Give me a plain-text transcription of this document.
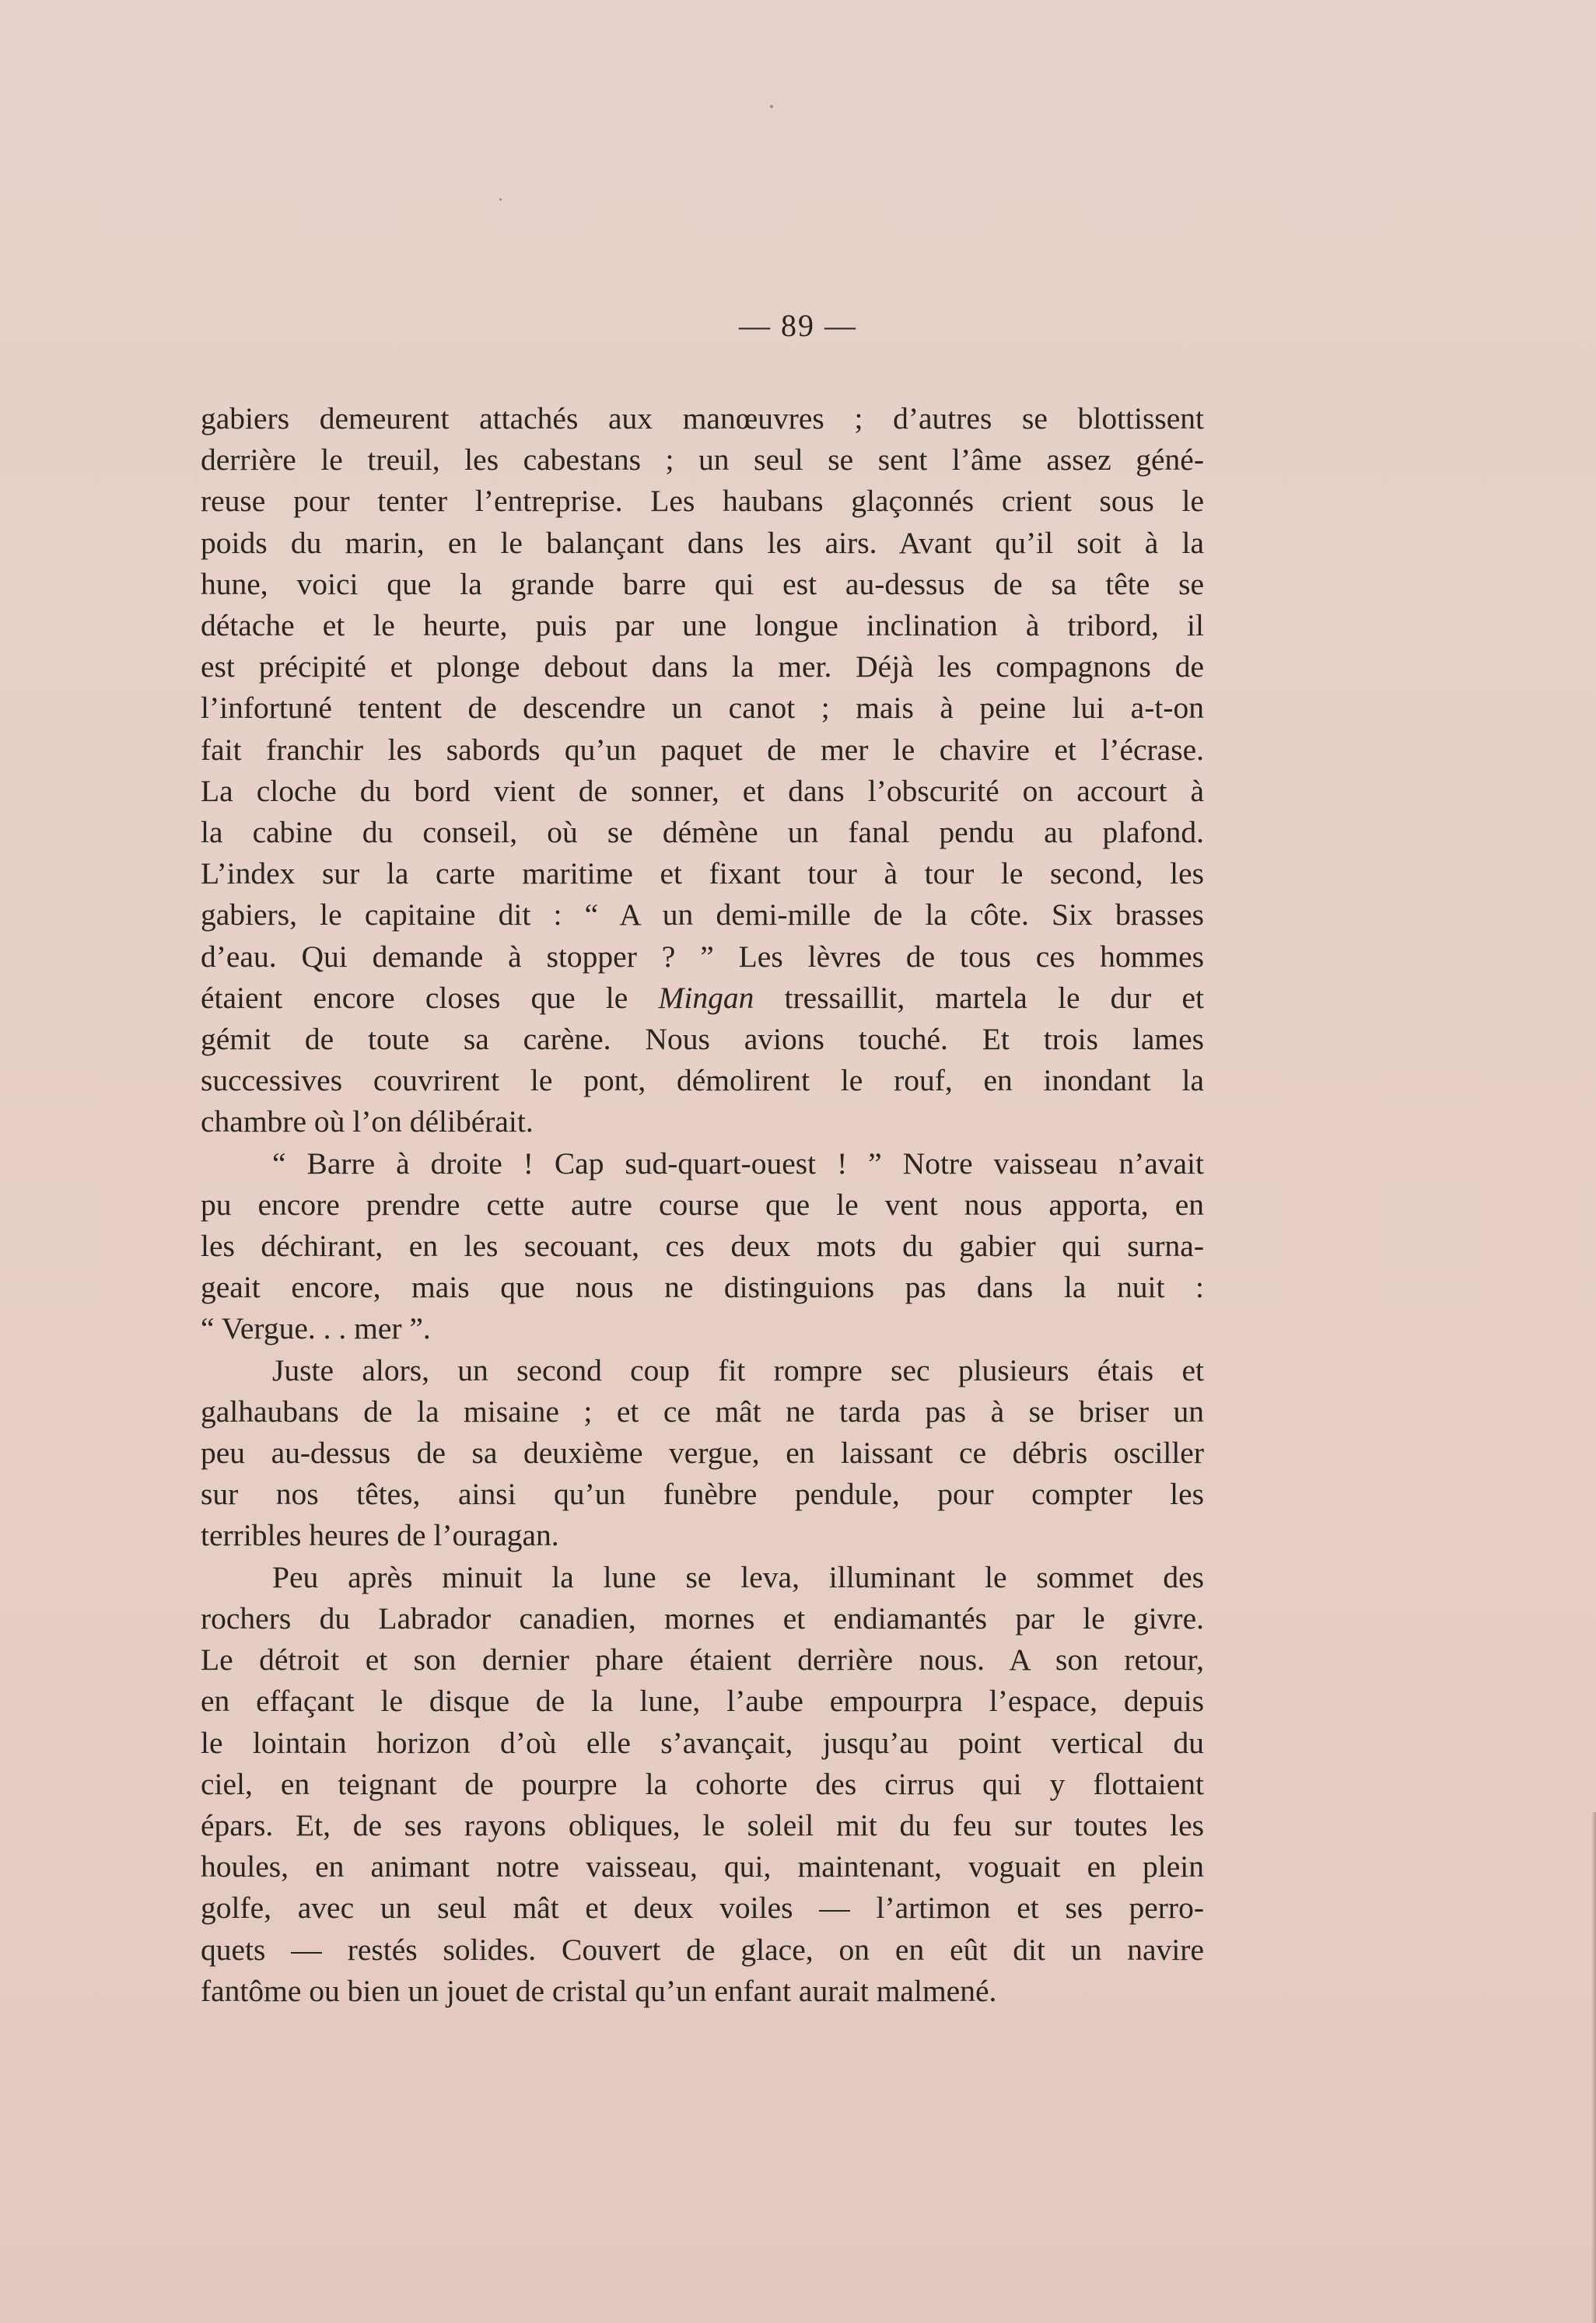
— 89 —
gabiers demeurent attachés aux manœuvres ; d’autres se blottissent
derrière le treuil, les cabestans ; un seul se sent l’âme assez géné-
reuse pour tenter l’entreprise. Les haubans glaçonnés crient sous le
poids du marin, en le balançant dans les airs. Avant qu’il soit à la
hune, voici que la grande barre qui est au-dessus de sa tête se
détache et le heurte, puis par une longue inclination à tribord, il
est précipité et plonge debout dans la mer. Déjà les compagnons de
l’infortuné tentent de descendre un canot ; mais à peine lui a-t-on
fait franchir les sabords qu’un paquet de mer le chavire et l’écrase.
La cloche du bord vient de sonner, et dans l’obscurité on accourt à
la cabine du conseil, où se démène un fanal pendu au plafond.
L’index sur la carte maritime et fixant tour à tour le second, les
gabiers, le capitaine dit : “ A un demi-mille de la côte. Six brasses
d’eau. Qui demande à stopper ? ” Les lèvres de tous ces hommes
étaient encore closes que le Mingan tressaillit, martela le dur et
gémit de toute sa carène. Nous avions touché. Et trois lames
successives couvrirent le pont, démolirent le rouf, en inondant la
chambre où l’on délibérait.
“ Barre à droite ! Cap sud-quart-ouest ! ” Notre vaisseau n’avait
pu encore prendre cette autre course que le vent nous apporta, en
les déchirant, en les secouant, ces deux mots du gabier qui surna-
geait encore, mais que nous ne distinguions pas dans la nuit :
“ Vergue. . . mer ”.
Juste alors, un second coup fit rompre sec plusieurs étais et
galhaubans de la misaine ; et ce mât ne tarda pas à se briser un
peu au-dessus de sa deuxième vergue, en laissant ce débris osciller
sur nos têtes, ainsi qu’un funèbre pendule, pour compter les
terribles heures de l’ouragan.
Peu après minuit la lune se leva, illuminant le sommet des
rochers du Labrador canadien, mornes et endiamantés par le givre.
Le détroit et son dernier phare étaient derrière nous. A son retour,
en effaçant le disque de la lune, l’aube empourpra l’espace, depuis
le lointain horizon d’où elle s’avançait, jusqu’au point vertical du
ciel, en teignant de pourpre la cohorte des cirrus qui y flottaient
épars. Et, de ses rayons obliques, le soleil mit du feu sur toutes les
houles, en animant notre vaisseau, qui, maintenant, voguait en plein
golfe, avec un seul mât et deux voiles — l’artimon et ses perro-
quets — restés solides. Couvert de glace, on en eût dit un navire
fantôme ou bien un jouet de cristal qu’un enfant aurait malmené.
